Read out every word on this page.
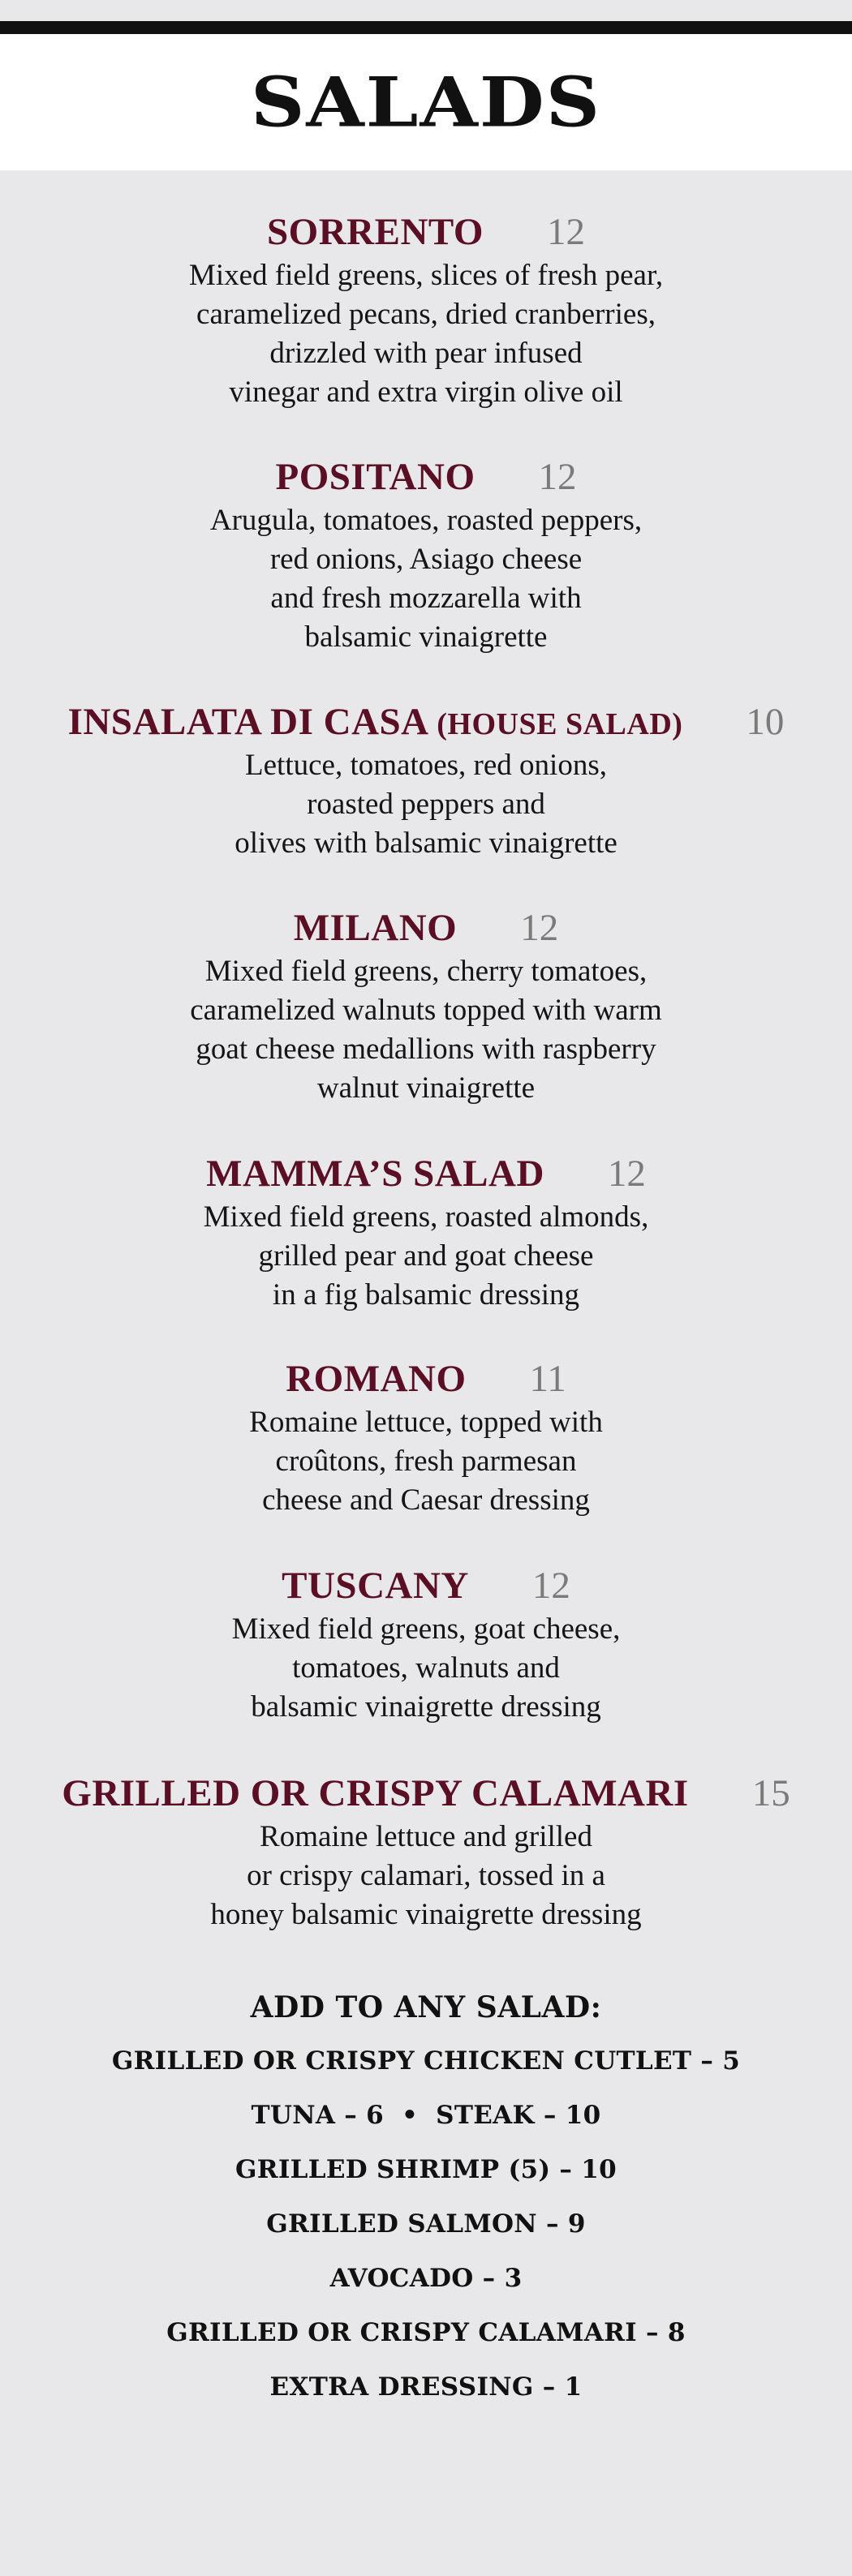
SALADS
SORRENTO 12
Mixed field greens, slices of fresh pear,
caramelized pecans, dried cranberries,
drizzled with pear infused
vinegar and extra virgin olive oil
POSITANO 12
Arugula, tomatoes, roasted peppers,
red onions, Asiago cheese
and fresh mozzarella with
balsamic vinaigrette
INSALATA DI CASA (HOUSE SALAD) 10
Lettuce, tomatoes, red onions,
roasted peppers and
olives with balsamic vinaigrette
MILANO 12
Mixed field greens, cherry tomatoes,
caramelized walnuts topped with warm
goat cheese medallions with raspberry
walnut vinaigrette
MAMMA’S SALAD 12
Mixed field greens, roasted almonds,
grilled pear and goat cheese
in a fig balsamic dressing
ROMANO 11
Romaine lettuce, topped with
croûtons, fresh parmesan
cheese and Caesar dressing
TUSCANY 12
Mixed field greens, goat cheese,
tomatoes, walnuts and
balsamic vinaigrette dressing
GRILLED OR CRISPY CALAMARI 15
Romaine lettuce and grilled
or crispy calamari, tossed in a
honey balsamic vinaigrette dressing
ADD TO ANY SALAD:
GRILLED OR CRISPY CHICKEN CUTLET – 5
TUNA – 6 • STEAK – 10
GRILLED SHRIMP (5) – 10
GRILLED SALMON – 9
AVOCADO – 3
GRILLED OR CRISPY CALAMARI – 8
EXTRA DRESSING – 1
